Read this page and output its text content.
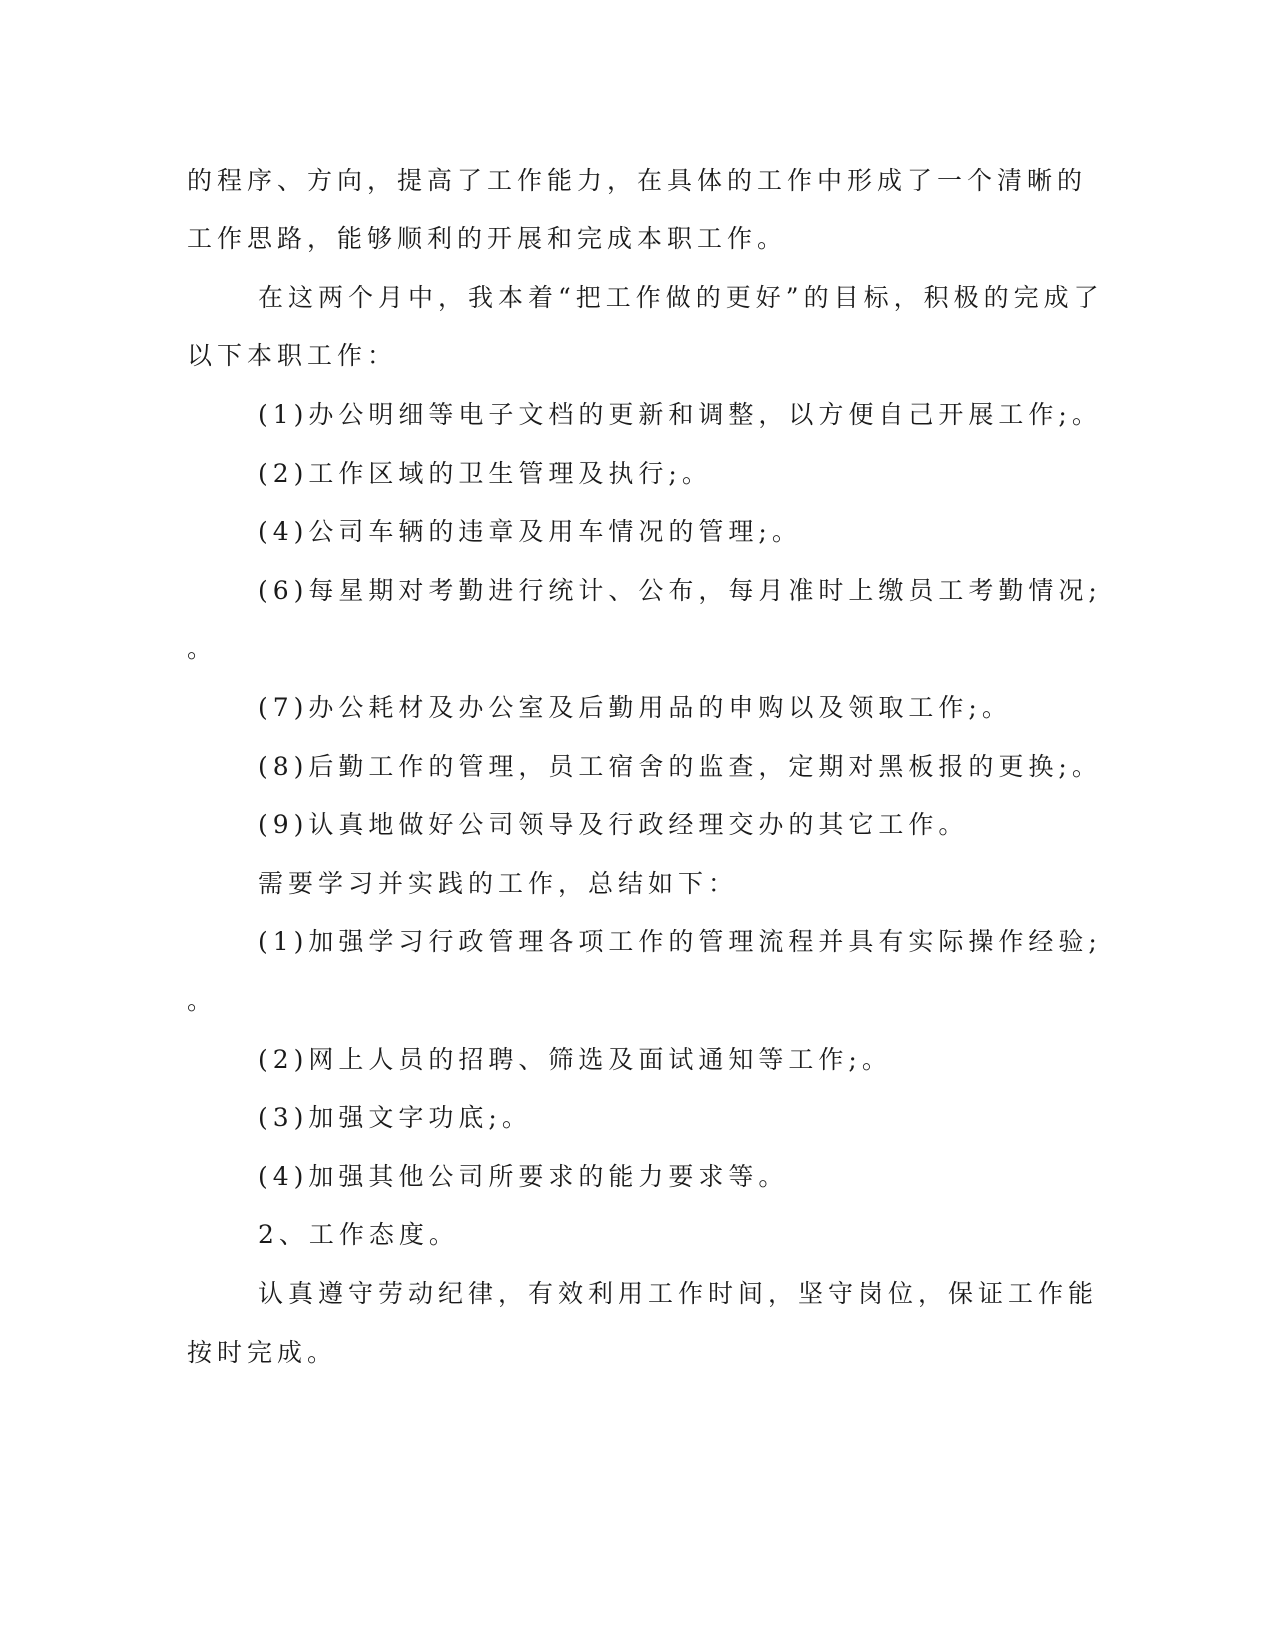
的程序、方向，提高了工作能力，在具体的工作中形成了一个清晰的

工作思路，能够顺利的开展和完成本职工作。

在这两个月中，我本着“把工作做的更好”的目标，积极的完成了

以下本职工作：

(1)办公明细等电子文档的更新和调整，以方便自己开展工作;。

(2)工作区域的卫生管理及执行;。

(4)公司车辆的违章及用车情况的管理;。

(6)每星期对考勤进行统计、公布，每月准时上缴员工考勤情况;

。

(7)办公耗材及办公室及后勤用品的申购以及领取工作;。

(8)后勤工作的管理，员工宿舍的监查，定期对黑板报的更换;。

(9)认真地做好公司领导及行政经理交办的其它工作。

需要学习并实践的工作，总结如下：

(1)加强学习行政管理各项工作的管理流程并具有实际操作经验;

。

(2)网上人员的招聘、筛选及面试通知等工作;。

(3)加强文字功底;。

(4)加强其他公司所要求的能力要求等。

2、工作态度。

认真遵守劳动纪律，有效利用工作时间，坚守岗位，保证工作能

按时完成。
